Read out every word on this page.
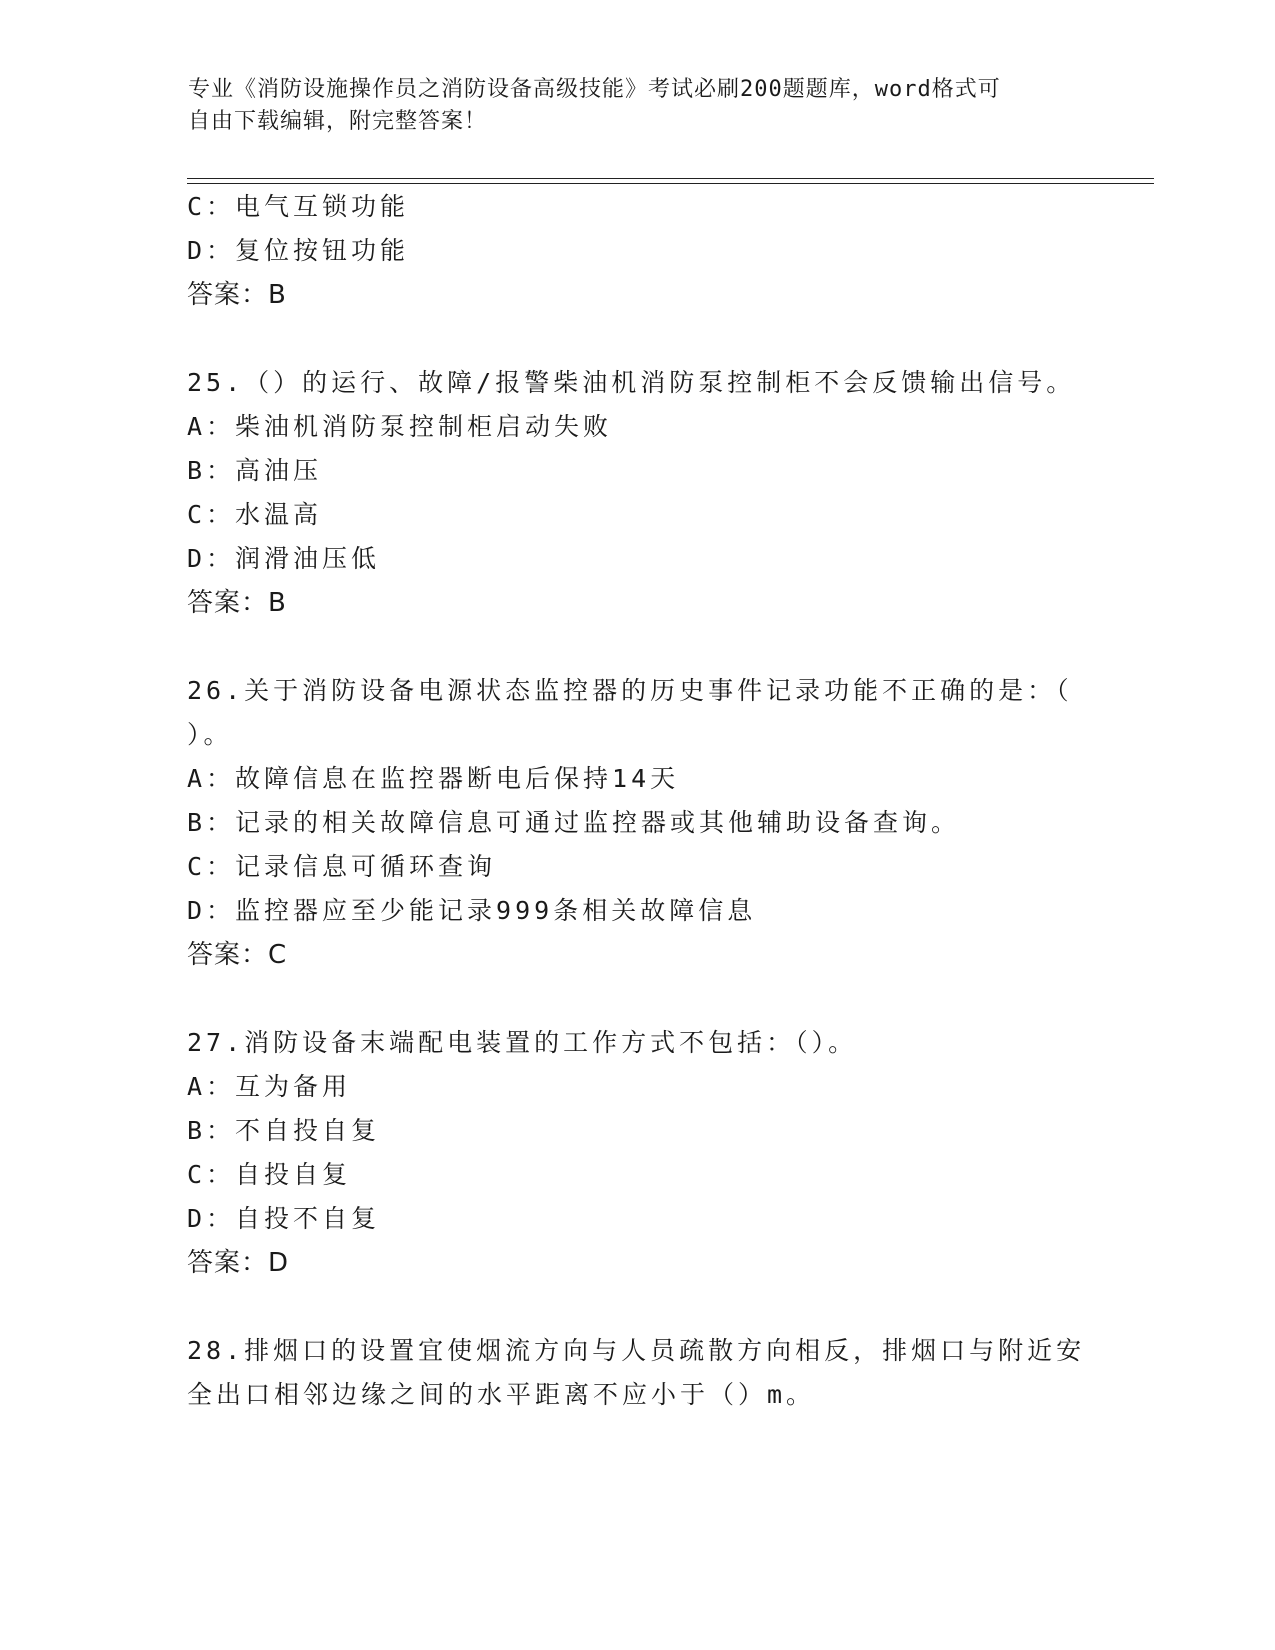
专业《消防设施操作员之消防设备高级技能》考试必刷200题题库，word格式可
自由下载编辑，附完整答案！
C：电气互锁功能
D：复位按钮功能
答案：B
25.（）的运行、故障/报警柴油机消防泵控制柜不会反馈输出信号。
A：柴油机消防泵控制柜启动失败
B：高油压
C：水温高
D：润滑油压低
答案：B
26.关于消防设备电源状态监控器的历史事件记录功能不正确的是：（
）。
A：故障信息在监控器断电后保持14天
B：记录的相关故障信息可通过监控器或其他辅助设备查询。
C：记录信息可循环查询
D：监控器应至少能记录999条相关故障信息
答案：C
27.消防设备末端配电装置的工作方式不包括：（）。
A：互为备用
B：不自投自复
C：自投自复
D：自投不自复
答案：D
28.排烟口的设置宜使烟流方向与人员疏散方向相反，排烟口与附近安
全出口相邻边缘之间的水平距离不应小于（）m。
